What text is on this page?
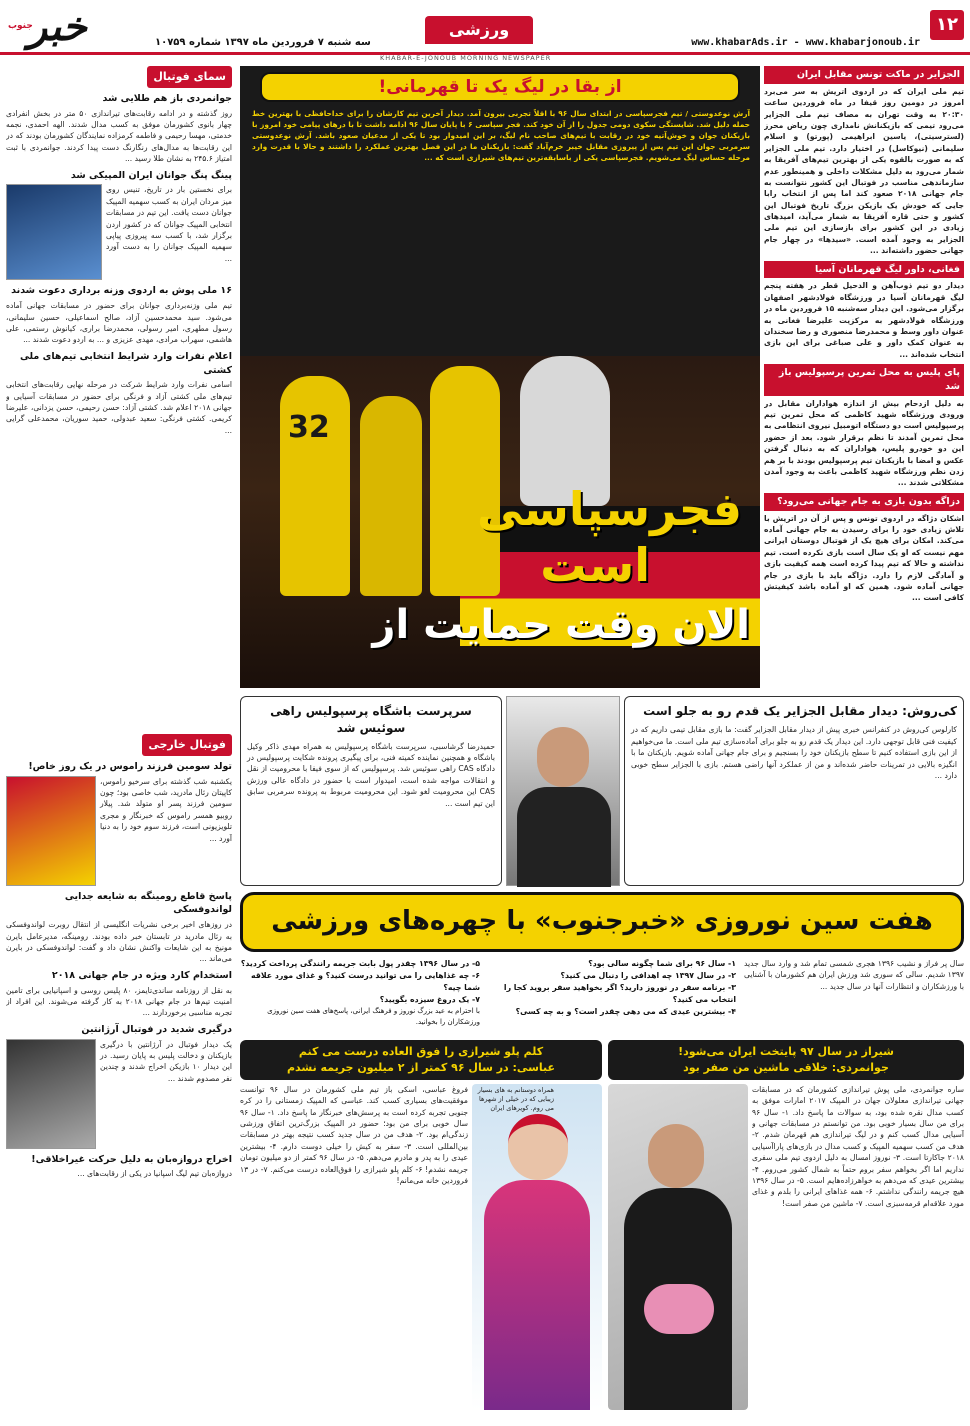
۱۲
www.khabarAds.ir - www.khabarjonoub.ir
ورزشی
سه شنبه ۷ فروردین ماه ۱۳۹۷ شماره ۱۰۷۵۹
خبر
جنوب
KHABAR-E-JONOUB MORNING NEWSPAPER
الجزایر در ماکت تونس مقابل ایران
تیم ملی ایران که در اردوی اتریش به سر می‌برد امروز در دومین روز قیفا در ماه فروردین ساعت ۲۰:۳۰ به وقت تهران به مصاف تیم ملی الجزایر می‌رود تیمی که بازیکنانش نامداری چون ریاض محرز (لسترسیتی)، یاسین ابراهیمی (پورتو) و اسلام سلیمانی (نیوکاسل) در اختیار دارد. تیم ملی الجزایر که به صورت بالقوه یکی از بهترین تیم‌های آفریقا به شمار می‌رود به دلیل مشکلات داخلی و همینطور عدم سازماندهی مناسب در فوتبال این کشور نتوانست به جام جهانی ۲۰۱۸ صعود کند اما پس از انتخاب رابا جایی که خودش یک بازیکن بزرگ تاریخ فوتبال این کشور و حتی قاره آفریقا به شمار می‌آید، امیدهای زیادی در این کشور برای بازسازی این تیم ملی الجزایر به وجود آمده است. «سیدها» در چهار جام جهانی حضور داشته‌اند ...
فغانی، داور لیگ قهرمانان آسیا
دیدار دو تیم ذوب‌آهن و الدحیل قطر در هفته پنجم لیگ قهرمانان آسیا در ورزشگاه فولادشهر اصفهان برگزار می‌شود. این دیدار سه‌شنبه ۱۵ فروردین ماه در ورزشگاه فولادشهر به مرکزیت علیرضا فغانی به عنوان داور وسط و محمدرضا منصوری و رضا سخندان به عنوان کمک داور و علی صباغی برای این بازی انتخاب شده‌اند ...
پای پلیس به محل تمرین پرسپولیس باز شد
به دلیل ازدحام بیش از اندازه هواداران مقابل در ورودی ورزشگاه شهید کاظمی که محل تمرین تیم پرسپولیس است دو دستگاه اتومبیل نیروی انتظامی به محل تمرین آمدند تا نظم برقرار شود. بعد از حضور این دو خودرو پلیس، هواداران که به دنبال گرفتن عکس و امضا با بازیکنان تیم پرسپولیس بودند با بر هم زدن نظم ورزشگاه شهید کاظمی باعث به وجود آمدن مشکلاتی شدند ...
دزاگه بدون بازی به جام جهانی می‌رود؟
اشکان دژاگه در اردوی تونس و پس از آن در اتریش با تلاش زیادی خود را برای رسیدن به جام جهانی آماده می‌کند. امکان برای هیچ یک از فوتبال دوستان ایرانی مهم نیست که او یک سال است بازی نکرده است. تیم نداشته و حالا که تیم پیدا کرده است همه کیفیت بازی و آمادگی لازم را دارد. دژاگه باید با بازی در جام جهانی آماده شود. همین که او آماده باشد کیفیتش کافی است ...
از بقا در لیگ یک تا قهرمانی!
آرش نوعدوستی / تیم فجرسپاسی در ابتدای سال ۹۶ با اقلاً تجربی بیرون آمد. دیدار آخرین تیم کارشان را برای خداحافظی با بهترین خط حمله دلیل شد. شایستگی سکوی دومی جدول را از آن خود کند. فجر سپاسی ۶ با پایان سال ۹۶ ادامه داشت تا با درهای پیامی خود امروز با بازیکنان جوان و خوش‌آتیه خود در رقابت با تیم‌های صاحب نام لیگ، بر این امیدوار بود تا یکی از مدعیان صعود باشد. آرش نوعدوستی سرمربی جوان این تیم پس از پیروزی مقابل خیبر خرم‌آباد گفت: بازیکنان ما در این فصل بهترین عملکرد را داشتند و حالا با قدرت وارد مرحله حساس لیگ می‌شویم. فجرسپاسی یکی از باسابقه‌ترین تیم‌های شیرازی است که ...
32
فجرسپاسی
است
الان وقت حمایت از
سمای فوتبال
جوانمردی باز هم طلایی شد
روز گذشته و در ادامه رقابت‌های تیراندازی ۵۰ متر در بخش انفرادی چهار بانوی کشورمان موفق به کسب مدال شدند. الهه احمدی، نجمه خدمتی، مهسا رحیمی و فاطمه کرمزاده نمایندگان کشورمان بودند که در این رقابت‌ها به مدال‌های رنگارنگ دست پیدا کردند. جوانمردی با ثبت امتیاز ۲۴۵.۶ به نشان طلا رسید ...
پینگ پنگ جوانان ایران المپیکی شد
برای نخستین بار در تاریخ، تنیس روی میز مردان ایران به کسب سهمیه المپیک جوانان دست یافت. این تیم در مسابقات انتخابی المپیک جوانان که در کشور اردن برگزار شد، با کسب سه پیروزی پیاپی سهمیه المپیک جوانان را به دست آورد ...
۱۶ ملی پوش به اردوی وزنه برداری دعوت شدند
تیم ملی وزنه‌برداری جوانان برای حضور در مسابقات جهانی آماده می‌شود. سید محمدحسین آزاد، صالح اسماعیلی، حسین سلیمانی، رسول مطهری، امیر رسولی، محمدرضا براری، کیانوش رستمی، علی هاشمی، سهراب مرادی، مهدی عزیزی و ... به اردو دعوت شدند ...
اعلام نفرات وارد شرایط انتخابی تیم‌های ملی کشتی
اسامی نفرات وارد شرایط شرکت در مرحله نهایی رقابت‌های انتخابی تیم‌های ملی کشتی آزاد و فرنگی برای حضور در مسابقات آسیایی و جهانی ۲۰۱۸ اعلام شد. کشتی آزاد: حسن رحیمی، حسن یزدانی، علیرضا کریمی. کشتی فرنگی: سعید عبدولی، حمید سوریان، محمدعلی گرایی ...
فوتبال خارجی
تولد سومین فرزند راموس در یک روز خاص!
یکشنبه شب گذشته برای سرخیو راموس، کاپیتان رئال مادرید، شب خاصی بود؛ چون سومین فرزند پسر او متولد شد. پیلار روبیو همسر راموس که خبرنگار و مجری تلویزیونی است، فرزند سوم خود را به دنیا آورد ...
پاسخ قاطع رومینگه به شایعه جدایی لواندوفسکی
در روزهای اخیر برخی نشریات انگلیسی از انتقال روبرت لواندوفسکی به رئال مادرید در تابستان خبر داده بودند. رومینگه، مدیرعامل بایرن مونیخ به این شایعات واکنش نشان داد و گفت: لواندوفسکی در بایرن می‌ماند ...
استخدام کارد ویژه در جام جهانی ۲۰۱۸
به نقل از روزنامه ساندی‌تایمز، ۸۰ پلیس روسی و اسپانیایی برای تامین امنیت تیم‌ها در جام جهانی ۲۰۱۸ به کار گرفته می‌شوند. این افراد از تجربه مناسبی برخوردارند ...
درگیری شدید در فوتبال آرژانتین
یک دیدار فوتبال در آرژانتین با درگیری بازیکنان و دخالت پلیس به پایان رسید. در این دیدار ۱۰ بازیکن اخراج شدند و چندین نفر مصدوم شدند ...
اخراج دروازه‌بان به دلیل حرکت غیراخلاقی!
دروازه‌بان تیم لیگ اسپانیا در یکی از رقابت‌های ...
سرپرست باشگاه پرسپولیس راهی سوئیس شد
حمیدرضا گرشاسبی، سرپرست باشگاه پرسپولیس به همراه مهدی ذاکر وکیل باشگاه و همچنین نماینده کمیته فنی، برای پیگیری پرونده شکایت پرسپولیس در دادگاه CAS راهی سوئیس شد. پرسپولیس که از سوی فیفا با محرومیت از نقل و انتقالات مواجه شده است، امیدوار است با حضور در دادگاه عالی ورزش CAS این محرومیت لغو شود. این محرومیت مربوط به پرونده سرمربی سابق این تیم است ...
کی‌روش: دیدار مقابل الجزایر یک قدم رو به جلو است
کارلوس کی‌روش در کنفرانس خبری پیش از دیدار مقابل الجزایر گفت: ما بازی مقابل تیمی داریم که در کیفیت فنی قابل توجهی دارد. این دیدار یک قدم رو به جلو برای آماده‌سازی تیم ملی است. ما می‌خواهیم از این بازی استفاده کنیم تا سطح بازیکنان خود را بسنجیم و برای جام جهانی آماده شویم. بازیکنان ما با انگیزه بالایی در تمرینات حاضر شده‌اند و من از عملکرد آنها راضی هستم. بازی با الجزایر سطح خوبی دارد ...
هفت سین نوروزی «خبرجنوب» با چهره‌های ورزشی
سال پر فراز و نشیب ۱۳۹۶ هجری شمسی تمام شد و وارد سال جدید ۱۳۹۷ شدیم. سالی که سوری شد ورزش ایران هم کشورمان با آشنایی با ورزشکاران و انتظارات آنها در سال جدید ...
۱- سال ۹۶ برای شما چگونه سالی بود؟
۲- در سال ۱۳۹۷ چه اهدافی را دنبال می کنید؟
۳- برنامه سفر در نوروز دارید؟ اگر بخواهید سفر بروید کجا را انتخاب می کنید؟
۴- بیشترین عیدی که می دهی چقدر است؟ و به چه کسی؟
۵- در سال ۱۳۹۶ چقدر پول بابت جریمه رانندگی پرداخت کردید؟
۶- چه غذاهایی را می توانید درست کنید؟ و غذای مورد علاقه شما چیه؟
۷- یک دروغ سیزده بگویید؟
با احترام به عید بزرگ نوروز و فرهنگ ایرانی، پاسخ‌های هفت سین نوروزی ورزشکاران را بخوانید.
شیراز در سال ۹۷ پایتخت ایران می‌شود!
جوانمردی: خلاقی ماشین من صفر بود
ساره جوانمردی، ملی پوش تیراندازی کشورمان که در مسابقات جهانی تیراندازی معلولان جهان در المپیک ۲۰۱۷ امارات موفق به کسب مدال نقره شده بود، به سوالات ما پاسخ داد. ۱- سال ۹۶ برای من سال بسیار خوبی بود. من توانستم در مسابقات جهانی و آسیایی مدال کسب کنم و در لیگ تیراندازی هم قهرمان شدم. ۲- هدف من کسب سهمیه المپیک و کسب مدال در بازی‌های پاراآسیایی ۲۰۱۸ جاکارتا است. ۳- نوروز امسال به دلیل اردوی تیم ملی سفری نداریم اما اگر بخواهم سفر بروم حتماً به شمال کشور می‌روم. ۴- بیشترین عیدی که می‌دهم به خواهرزاده‌هایم است. ۵- در سال ۱۳۹۶ هیچ جریمه رانندگی نداشتم. ۶- همه غذاهای ایرانی را بلدم و غذای مورد علاقه‌ام قرمه‌سبزی است. ۷- ماشین من صفر است!
کلم پلو شیرازی را فوق العاده درست می کنم
عباسی: در سال ۹۶ کمتر از ۲ میلیون جریمه نشدم
همراه دوستانم به های بسیار زیبایی که در خیلی از شهرها می روم. کویرهای ایران
فروغ عباسی، اسکی باز تیم ملی کشورمان در سال ۹۶ توانست موفقیت‌های بسیاری کسب کند. عباسی که المپیک زمستانی را در کره جنوبی تجربه کرده است به پرسش‌های خبرنگار ما پاسخ داد. ۱- سال ۹۶ سال خوبی برای من بود؛ حضور در المپیک بزرگ‌ترین اتفاق ورزشی زندگی‌ام بود. ۲- هدف من در سال جدید کسب نتیجه بهتر در مسابقات بین‌المللی است. ۳- سفر به کیش را خیلی دوست دارم. ۴- بیشترین عیدی را به پدر و مادرم می‌دهم. ۵- در سال ۹۶ کمتر از دو میلیون تومان جریمه نشدم! ۶- کلم پلو شیرازی را فوق‌العاده درست می‌کنم. ۷- در ۱۳ فروردین خانه می‌مانم!
